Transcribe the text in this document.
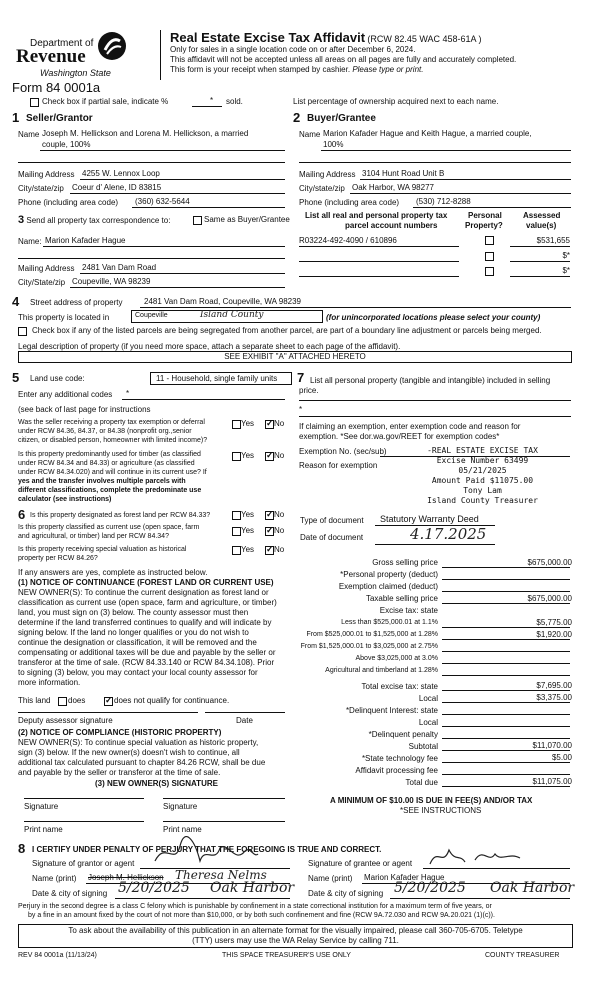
Department of
Revenue
Washington State
Form 84 0001a
Real Estate Excise Tax Affidavit (RCW 82.45 WAC 458-61A )
Only for sales in a single location code on or after December 6, 2024.
This affidavit will not be accepted unless all areas on all pages are fully and accurately completed.
This form is your receipt when stamped by cashier. Please type or print.
Check box if partial sale, indicate %	* sold.	List percentage of ownership acquired next to each name.
1 Seller/Grantor
Name Joseph M. Hellickson and Lorena M. Hellickson, a married
couple, 100%
Mailing Address 4255 W. Lennox Loop
City/state/zip Coeur d' Alene, ID 83815
Phone (including area code) (360) 632-5644
2 Buyer/Grantee
Name Marion Kafader Hague and Keith Hague, a married couple,
100%
Mailing Address 3104 Hunt Road Unit B
City/state/zip Oak Harbor, WA 98277
Phone (including area code) (530) 712-8288
3 Send all property tax correspondence to:	Same as Buyer/Grantee
Name: Marion Kafader Hague
Mailing Address 2481 Van Dam Road
City/State/zip Coupeville, WA 98239
List all real and personal property tax
parcel account numbers
Personal
Property?
Assessed
value(s)
R03224-492-4090 / 610896	$531,655
$*
$*
4 Street address of property	2481 Van Dam Road, Coupeville, WA 98239
This property is located in	Coupeville	Island County	(for unincorporated locations please select your county)
Check box if any of the listed parcels are being segregated from another parcel, are part of a boundary line adjustment or parcels being merged.
Legal description of property (if you need more space, attach a separate sheet to each page of the affidavit).
SEE EXHIBIT "A" ATTACHED HERETO
5 Land use code:	11 - Household, single family units
Enter any additional codes *
(see back of last page for instructions
Was the seller receiving a property tax exemption or deferral
under RCW 84.36, 84.37, or 84.38 (nonprofit org.,senior
citizen, or disabled person, homeowner with limited income)?
Yes ✓ No
Is this property predominantly used for timber (as classified
under RCW 84.34 and 84.33) or agriculture (as classified
under RCW 84.34.020) and will continue in its current use? If
yes and the transfer involves multiple parcels with
different classifications, complete the predominate use
calculator (see instructions)
Yes ✓ No
6 Is this property designated as forest land per RCW 84.33?	Yes ✓ No
Is this property classified as current use (open space, farm
and agricultural, or timber) land per RCW 84.34?
Yes ✓ No
Is this property receiving special valuation as historical
property per RCW 84.26?
Yes ✓ No
If any answers are yes, complete as instructed below.
(1) NOTICE OF CONTINUANCE (FOREST LAND OR CURRENT USE)
NEW OWNER(S): To continue the current designation as forest land or
classification as current use (open space, farm and agriculture, or timber)
land, you must sign on (3) below. The county assessor must then
determine if the land transferred continues to qualify and will indicate by
signing below. If the land no longer qualifies or you do not wish to
continue the designation or classification, it will be removed and the
compensating or additional taxes will be due and payable by the seller or
transferor at the time of sale. (RCW 84.33.140 or RCW 84.34.108). Prior
to signing (3) below, you may contact your local county assessor for
more information.
This land does ✓	does not qualify for continuance.
Deputy assessor signature	Date
(2) NOTICE OF COMPLIANCE (HISTORIC PROPERTY)
NEW OWNER(S): To continue special valuation as historic property,
sign (3) below. If the new owner(s) doesn't wish to continue, all
additional tax calculated pursuant to chapter 84.26 RCW, shall be due
and payable by the seller or transferor at the time of sale.
(3) NEW OWNER(S) SIGNATURE
Signature	Signature
Print name	Print name
7 List all personal property (tangible and intangible) included in selling
price.
*
If claiming an exemption, enter exemption code and reason for
exemption. *See dor.wa.gov/REET for exemption codes*
Exemption No. (sec/sub)
Reason for exemption
-REAL ESTATE EXCISE TAX
Excise Number 63499
05/21/2025
Amount Paid $11075.00
Tony Lam
Island County Treasurer
Type of document Statutory Warranty Deed
Date of document	4.17.2025
Gross selling price	$675,000.00
*Personal property (deduct)
Exemption claimed (deduct)
Taxable selling price	$675,000.00
Excise tax: state
Less than $525,000.01 at 1.1%	$5,775.00
From $525,000.01 to $1,525,000 at 1.28%	$1,920.00
From $1,525,000.01 to $3,025,000 at 2.75%
Above $3,025,000 at 3.0%
Agricultural and timberland at 1.28%
Total excise tax: state	$7,695.00
Local	$3,375.00
*Delinquent Interest: state
Local
*Delinquent penalty
Subtotal	$11,070.00
*State technology fee	$5.00
Affidavit processing fee
Total due	$11,075.00
A MINIMUM OF $10.00 IS DUE IN FEE(S) AND/OR TAX
*SEE INSTRUCTIONS
8 I CERTIFY UNDER PENALTY OF PERJURY THAT THE FOREGOING IS TRUE AND CORRECT.
Signature of grantor or agent	Signature of grantee or agent
Name (print) Joseph M. Hellickson Theresa Nelms	Name (print) Marion Kafader Hague
Date & city of signing 5/20/2025 Oak Harbor Date & city of signing 5/20/2025 Oak Harbor
Perjury in the second degree is a class C felony which is punishable by confinement in a state correctional institution for a maximum term of five years, or
by a fine in an amount fixed by the court of not more than $10,000, or by both such confinement and fine (RCW 9A.72.030 and RCW 9A.20.021 (1)(c)).
To ask about the availability of this publication in an alternate format for the visually impaired, please call 360-705-6705. Teletype
(TTY) users may use the WA Relay Service by calling 711.
REV 84 0001a (11/13/24)	THIS SPACE TREASURER'S USE ONLY	COUNTY TREASURER
